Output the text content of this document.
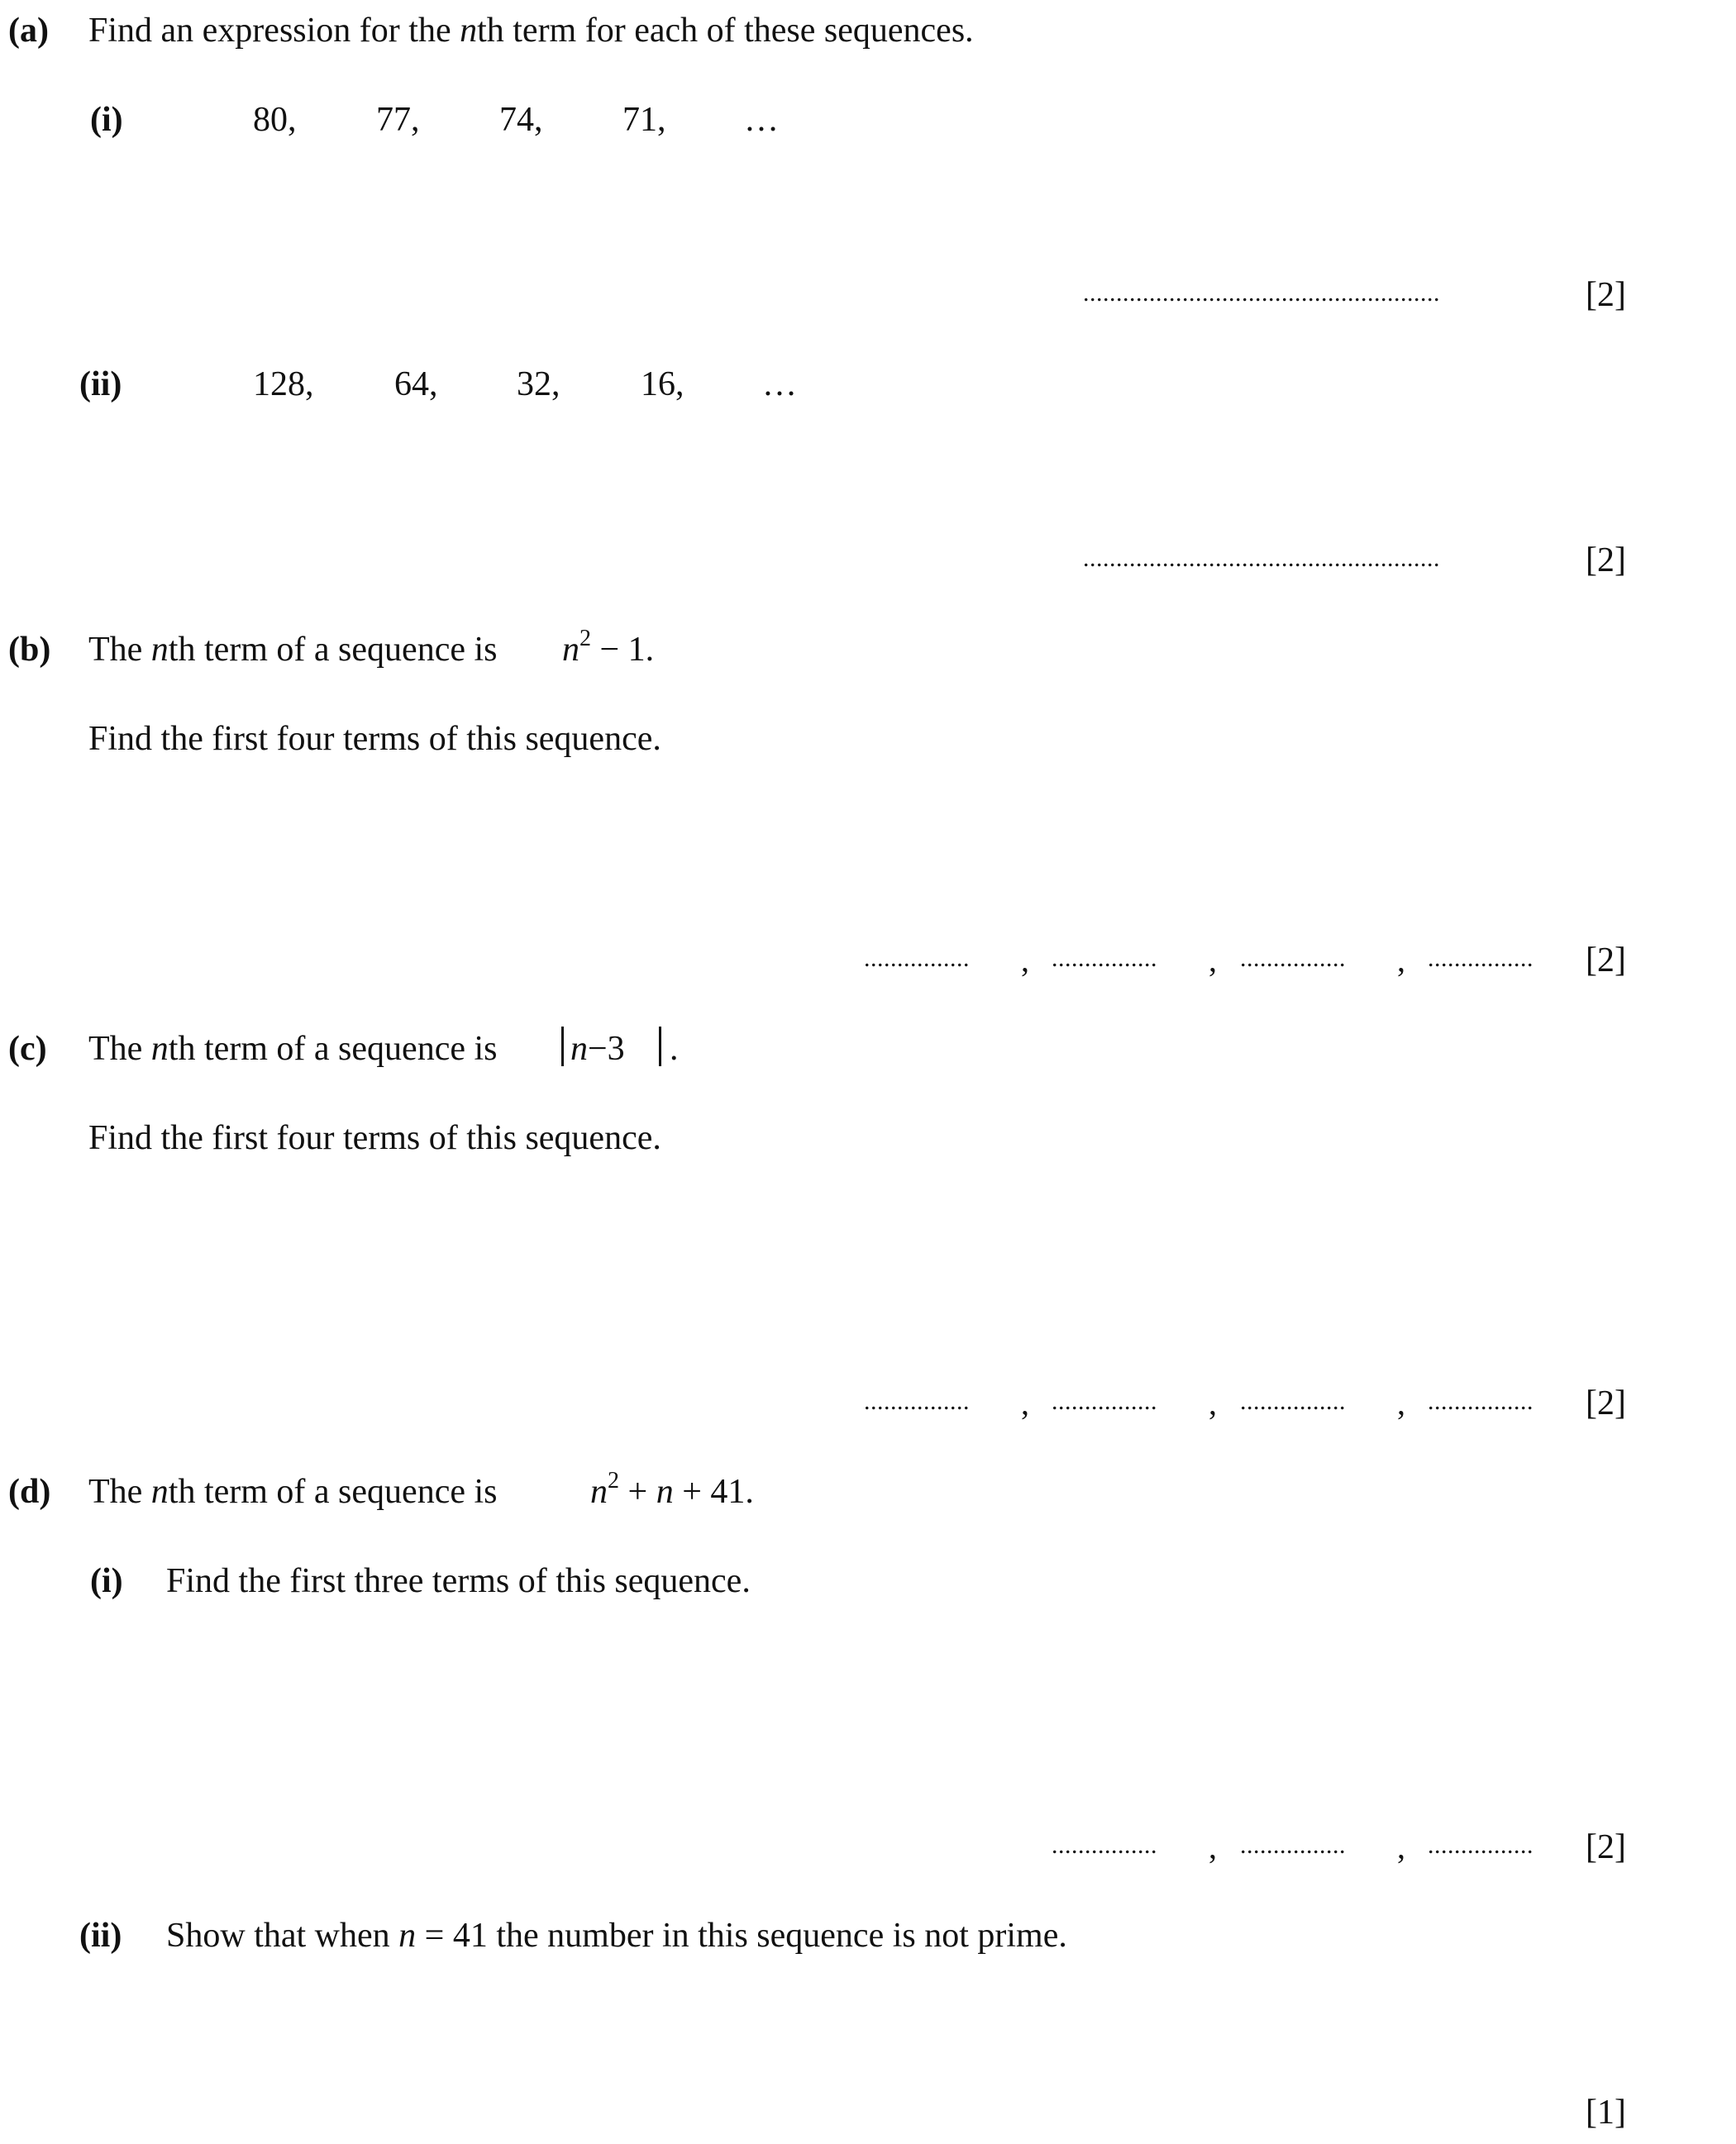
(a) Find an expression for the nth term for each of these sequences.
(i)	80, 77, 74, 71, …
......................................................	[2]
(ii)	128, 64, 32, 16, …
......................................................	[2]
(b) The nth term of a sequence is $n^2 - 1$.
Find the first four terms of this sequence.
................	, ................	, ................	, ................	[2]
(c) The nth term of a sequence is n−3 .
Find the first four terms of this sequence.
................	, ................	, ................	, ................	[2]
(d) The nth term of a sequence is	$n^2 + n + 41$.
(i) Find the first three terms of this sequence.
................	, ................	, ................	[2]
(ii) Show that when n = 41 the number in this sequence is not prime.
[1]
